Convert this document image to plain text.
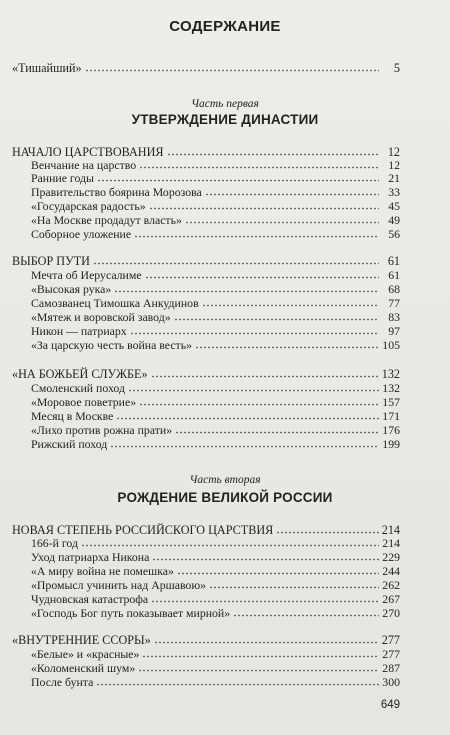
СОДЕРЖАНИЕ
«Тишайший»	5
Часть первая
УТВЕРЖДЕНИЕ ДИНАСТИИ
НАЧАЛО ЦАРСТВОВАНИЯ	12
Венчание на царство	12
Ранние годы	21
Правительство боярина Морозова	33
«Государская радость»	45
«На Москве продадут власть»	49
Соборное уложение	56
ВЫБОР ПУТИ	61
Мечта об Иерусалиме	61
«Высокая рука»	68
Самозванец Тимошка Анкудинов	77
«Мятеж и воровской завод»	83
Никон — патриарх	97
«За царскую честь война весть»	105
«НА БОЖЬЕЙ СЛУЖБЕ»	132
Смоленский поход	132
«Моровое поветрие»	157
Месяц в Москве	171
«Лихо против рожна прати»	176
Рижский поход	199
Часть вторая
РОЖДЕНИЕ ВЕЛИКОЙ РОССИИ
НОВАЯ СТЕПЕНЬ РОССИЙСКОГО ЦАРСТВИЯ	214
166-й год	214
Уход патриарха Никона	229
«А миру война не помешка»	244
«Промысл учинить над Аршавою»	262
Чудновская катастрофа	267
«Господь Бог путь показывает мирной»	270
«ВНУТРЕННИЕ ССОРЫ»	277
«Белые» и «красные»	277
«Коломенский шум»	287
После бунта	300
649
